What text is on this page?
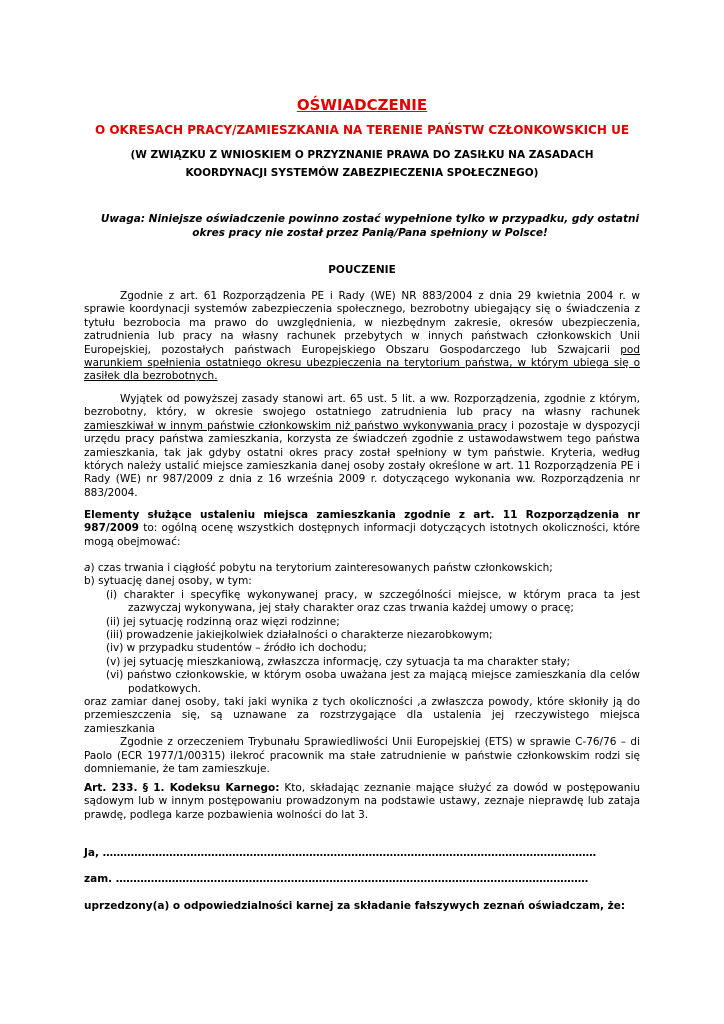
OŚWIADCZENIE
O OKRESACH PRACY/ZAMIESZKANIA NA TERENIE PAŃSTW CZŁONKOWSKICH UE
(W ZWIĄZKU Z WNIOSKIEM O PRZYZNANIE PRAWA DO ZASIŁKU NA ZASADACH
KOORDYNACJI SYSTEMÓW ZABEZPIECZENIA SPOŁECZNEGO)
Uwaga: Niniejsze oświadczenie powinno zostać wypełnione tylko w przypadku, gdy ostatni
okres pracy nie został przez Panią/Pana spełniony w Polsce!
POUCZENIE
Zgodnie z art. 61 Rozporządzenia PE i Rady (WE) NR 883/2004 z dnia 29 kwietnia 2004 r. w sprawie koordynacji systemów zabezpieczenia społecznego, bezrobotny ubiegający się o świadczenia z tytułu bezrobocia ma prawo do uwzględnienia, w niezbędnym zakresie, okresów ubezpieczenia, zatrudnienia lub pracy na własny rachunek przebytych w innych państwach członkowskich Unii Europejskiej, pozostałych państwach Europejskiego Obszaru Gospodarczego lub Szwajcarii pod warunkiem spełnienia ostatniego okresu ubezpieczenia na terytorium państwa, w którym ubiega się o zasiłek dla bezrobotnych.
Wyjątek od powyższej zasady stanowi art. 65 ust. 5 lit. a ww. Rozporządzenia, zgodnie z którym, bezrobotny, który, w okresie swojego ostatniego zatrudnienia lub pracy na własny rachunek zamieszkiwał w innym państwie członkowskim niż państwo wykonywania pracy i pozostaje w dyspozycji urzędu pracy państwa zamieszkania, korzysta ze świadczeń zgodnie z ustawodawstwem tego państwa zamieszkania, tak jak gdyby ostatni okres pracy został spełniony w tym państwie. Kryteria, według których należy ustalić miejsce zamieszkania danej osoby zostały określone w art. 11 Rozporządzenia PE i Rady (WE) nr 987/2009 z dnia z 16 września 2009 r. dotyczącego wykonania ww. Rozporządzenia nr 883/2004.
Elementy służące ustaleniu miejsca zamieszkania zgodnie z art. 11 Rozporządzenia nr 987/2009 to: ogólną ocenę wszystkich dostępnych informacji dotyczących istotnych okoliczności, które mogą obejmować:
a) czas trwania i ciągłość pobytu na terytorium zainteresowanych państw członkowskich;
b) sytuację danej osoby, w tym:
(i) charakter i specyfikę wykonywanej pracy, w szczególności miejsce, w którym praca ta jest zazwyczaj wykonywana, jej stały charakter oraz czas trwania każdej umowy o pracę;
(ii) jej sytuację rodzinną oraz więzi rodzinne;
(iii) prowadzenie jakiejkolwiek działalności o charakterze niezarobkowym;
(iv) w przypadku studentów – źródło ich dochodu;
(v) jej sytuację mieszkaniową, zwłaszcza informację, czy sytuacja ta ma charakter stały;
(vi) państwo członkowskie, w którym osoba uważana jest za mającą miejsce zamieszkania dla celów podatkowych.
oraz zamiar danej osoby, taki jaki wynika z tych okoliczności ,a zwłaszcza powody, które skłoniły ją do przemieszczenia się, są uznawane za rozstrzygające dla ustalenia jej rzeczywistego miejsca zamieszkania
Zgodnie z orzeczeniem Trybunału Sprawiedliwości Unii Europejskiej (ETS) w sprawie C-76/76 – di Paolo (ECR 1977/1/00315) ilekroć pracownik ma stałe zatrudnienie w państwie członkowskim rodzi się domniemanie, że tam zamieszkuje.
Art. 233. § 1. Kodeksu Karnego: Kto, składając zeznanie mające służyć za dowód w postępowaniu sądowym lub w innym postępowaniu prowadzonym na podstawie ustawy, zeznaje nieprawdę lub zataja prawdę, podlega karze pozbawienia wolności do lat 3.
Ja, ……………………………………………………………………………………………………………………………
zam. ………………………………………………………………………………………………………………………
uprzedzony(a) o odpowiedzialności karnej za składanie fałszywych zeznań oświadczam, że:
